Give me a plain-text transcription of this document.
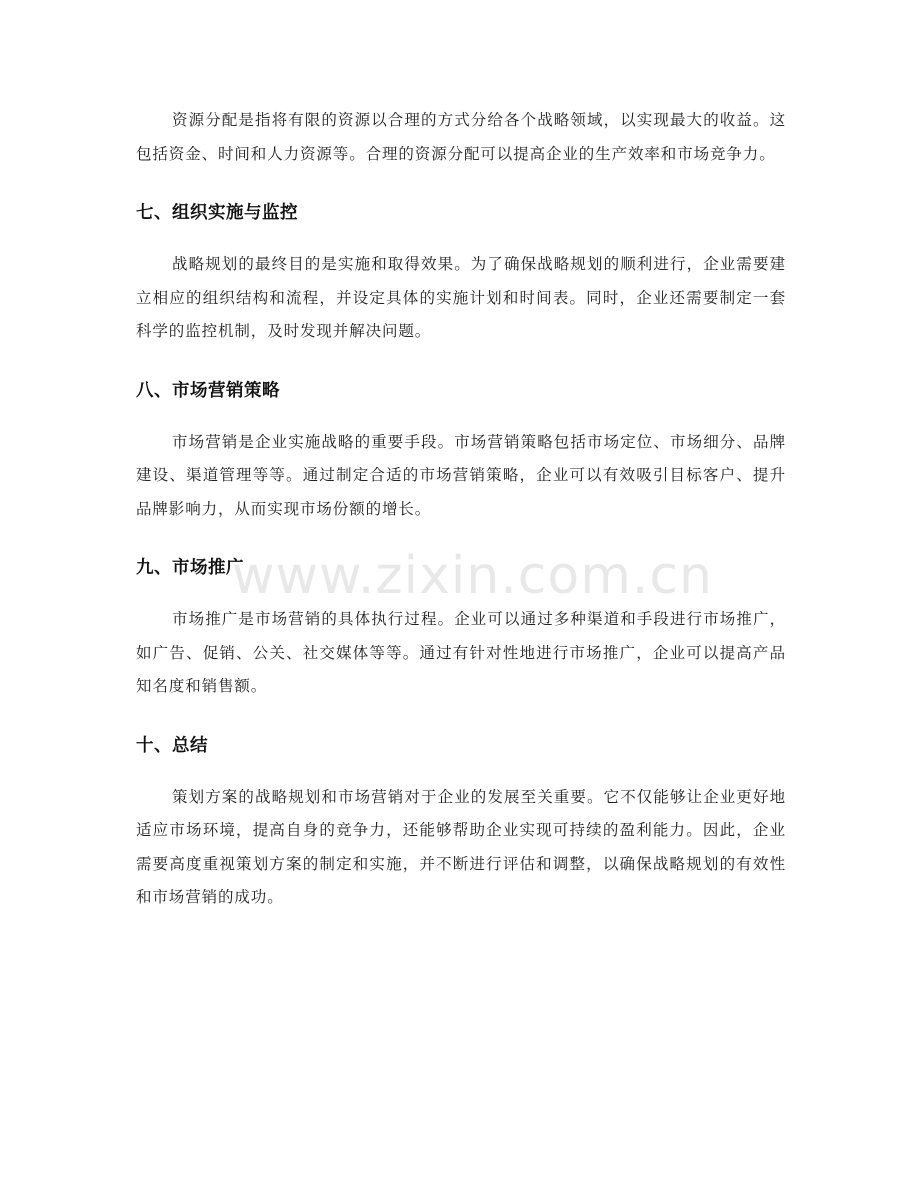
资源分配是指将有限的资源以合理的方式分给各个战略领域，以实现最大的收益。这包括资金、时间和人力资源等。合理的资源分配可以提高企业的生产效率和市场竞争力。

七、组织实施与监控

战略规划的最终目的是实施和取得效果。为了确保战略规划的顺利进行，企业需要建立相应的组织结构和流程，并设定具体的实施计划和时间表。同时，企业还需要制定一套科学的监控机制，及时发现并解决问题。

八、市场营销策略

市场营销是企业实施战略的重要手段。市场营销策略包括市场定位、市场细分、品牌建设、渠道管理等等。通过制定合适的市场营销策略，企业可以有效吸引目标客户、提升品牌影响力，从而实现市场份额的增长。

九、市场推广

市场推广是市场营销的具体执行过程。企业可以通过多种渠道和手段进行市场推广，如广告、促销、公关、社交媒体等等。通过有针对性地进行市场推广，企业可以提高产品知名度和销售额。

十、总结

策划方案的战略规划和市场营销对于企业的发展至关重要。它不仅能够让企业更好地适应市场环境，提高自身的竞争力，还能够帮助企业实现可持续的盈利能力。因此，企业需要高度重视策划方案的制定和实施，并不断进行评估和调整，以确保战略规划的有效性和市场营销的成功。

www.zixin.com.cn
